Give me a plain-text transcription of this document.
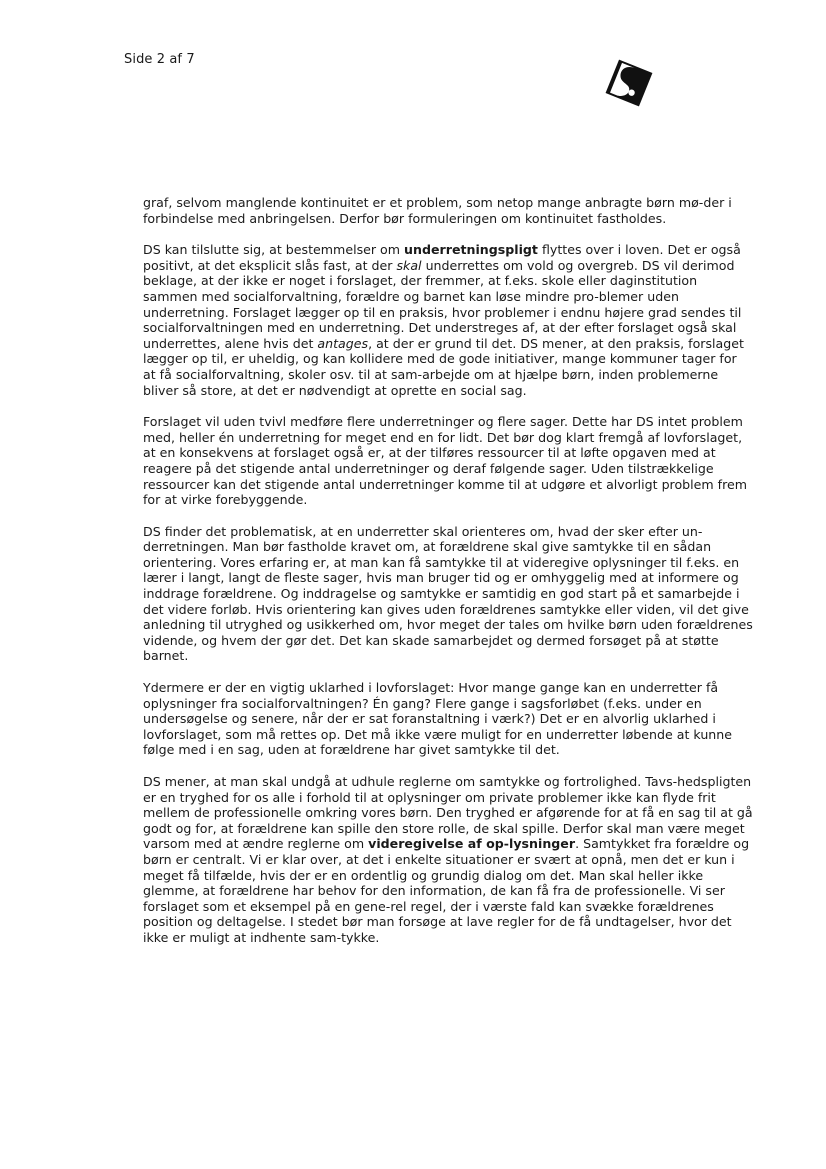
Side 2 af 7

graf, selvom manglende kontinuitet er et problem, som netop mange anbragte børn mø-der i forbindelse med anbringelsen. Derfor bør formuleringen om kontinuitet fastholdes.

DS kan tilslutte sig, at bestemmelser om underretningspligt flyttes over i loven. Det er også positivt, at det eksplicit slås fast, at der skal underrettes om vold og overgreb. DS vil derimod beklage, at der ikke er noget i forslaget, der fremmer, at f.eks. skole eller daginstitution sammen med socialforvaltning, forældre og barnet kan løse mindre pro-blemer uden underretning. Forslaget lægger op til en praksis, hvor problemer i endnu højere grad sendes til socialforvaltningen med en underretning. Det understreges af, at der efter forslaget også skal underrettes, alene hvis det antages, at der er grund til det. DS mener, at den praksis, forslaget lægger op til, er uheldig, og kan kollidere med de gode initiativer, mange kommuner tager for at få socialforvaltning, skoler osv. til at sam-arbejde om at hjælpe børn, inden problemerne bliver så store, at det er nødvendigt at oprette en social sag.

Forslaget vil uden tvivl medføre flere underretninger og flere sager. Dette har DS intet problem med, heller én underretning for meget end en for lidt. Det bør dog klart fremgå af lovforslaget, at en konsekvens at forslaget også er, at der tilføres ressourcer til at løfte opgaven med at reagere på det stigende antal underretninger og deraf følgende sager. Uden tilstrækkelige ressourcer kan det stigende antal underretninger komme til at udgøre et alvorligt problem frem for at virke forebyggende.

DS finder det problematisk, at en underretter skal orienteres om, hvad der sker efter un-derretningen. Man bør fastholde kravet om, at forældrene skal give samtykke til en sådan orientering. Vores erfaring er, at man kan få samtykke til at videregive oplysninger til f.eks. en lærer i langt, langt de fleste sager, hvis man bruger tid og er omhyggelig med at informere og inddrage forældrene. Og inddragelse og samtykke er samtidig en god start på et samarbejde i det videre forløb. Hvis orientering kan gives uden forældrenes samtykke eller viden, vil det give anledning til utryghed og usikkerhed om, hvor meget der tales om hvilke børn uden forældrenes vidende, og hvem der gør det. Det kan skade samarbejdet og dermed forsøget på at støtte barnet.

Ydermere er der en vigtig uklarhed i lovforslaget: Hvor mange gange kan en underretter få oplysninger fra socialforvaltningen? Én gang? Flere gange i sagsforløbet (f.eks. under en undersøgelse og senere, når der er sat foranstaltning i værk?) Det er en alvorlig uklarhed i lovforslaget, som må rettes op. Det må ikke være muligt for en underretter løbende at kunne følge med i en sag, uden at forældrene har givet samtykke til det.

DS mener, at man skal undgå at udhule reglerne om samtykke og fortrolighed. Tavs-hedspligten er en tryghed for os alle i forhold til at oplysninger om private problemer ikke kan flyde frit mellem de professionelle omkring vores børn. Den tryghed er afgørende for at få en sag til at gå godt og for, at forældrene kan spille den store rolle, de skal spille. Derfor skal man være meget varsom med at ændre reglerne om videregivelse af op-lysninger. Samtykket fra forældre og børn er centralt. Vi er klar over, at det i enkelte situationer er svært at opnå, men det er kun i meget få tilfælde, hvis der er en ordentlig og grundig dialog om det. Man skal heller ikke glemme, at forældrene har behov for den information, de kan få fra de professionelle. Vi ser forslaget som et eksempel på en gene-rel regel, der i værste fald kan svække forældrenes position og deltagelse. I stedet bør man forsøge at lave regler for de få undtagelser, hvor det ikke er muligt at indhente sam-tykke.
